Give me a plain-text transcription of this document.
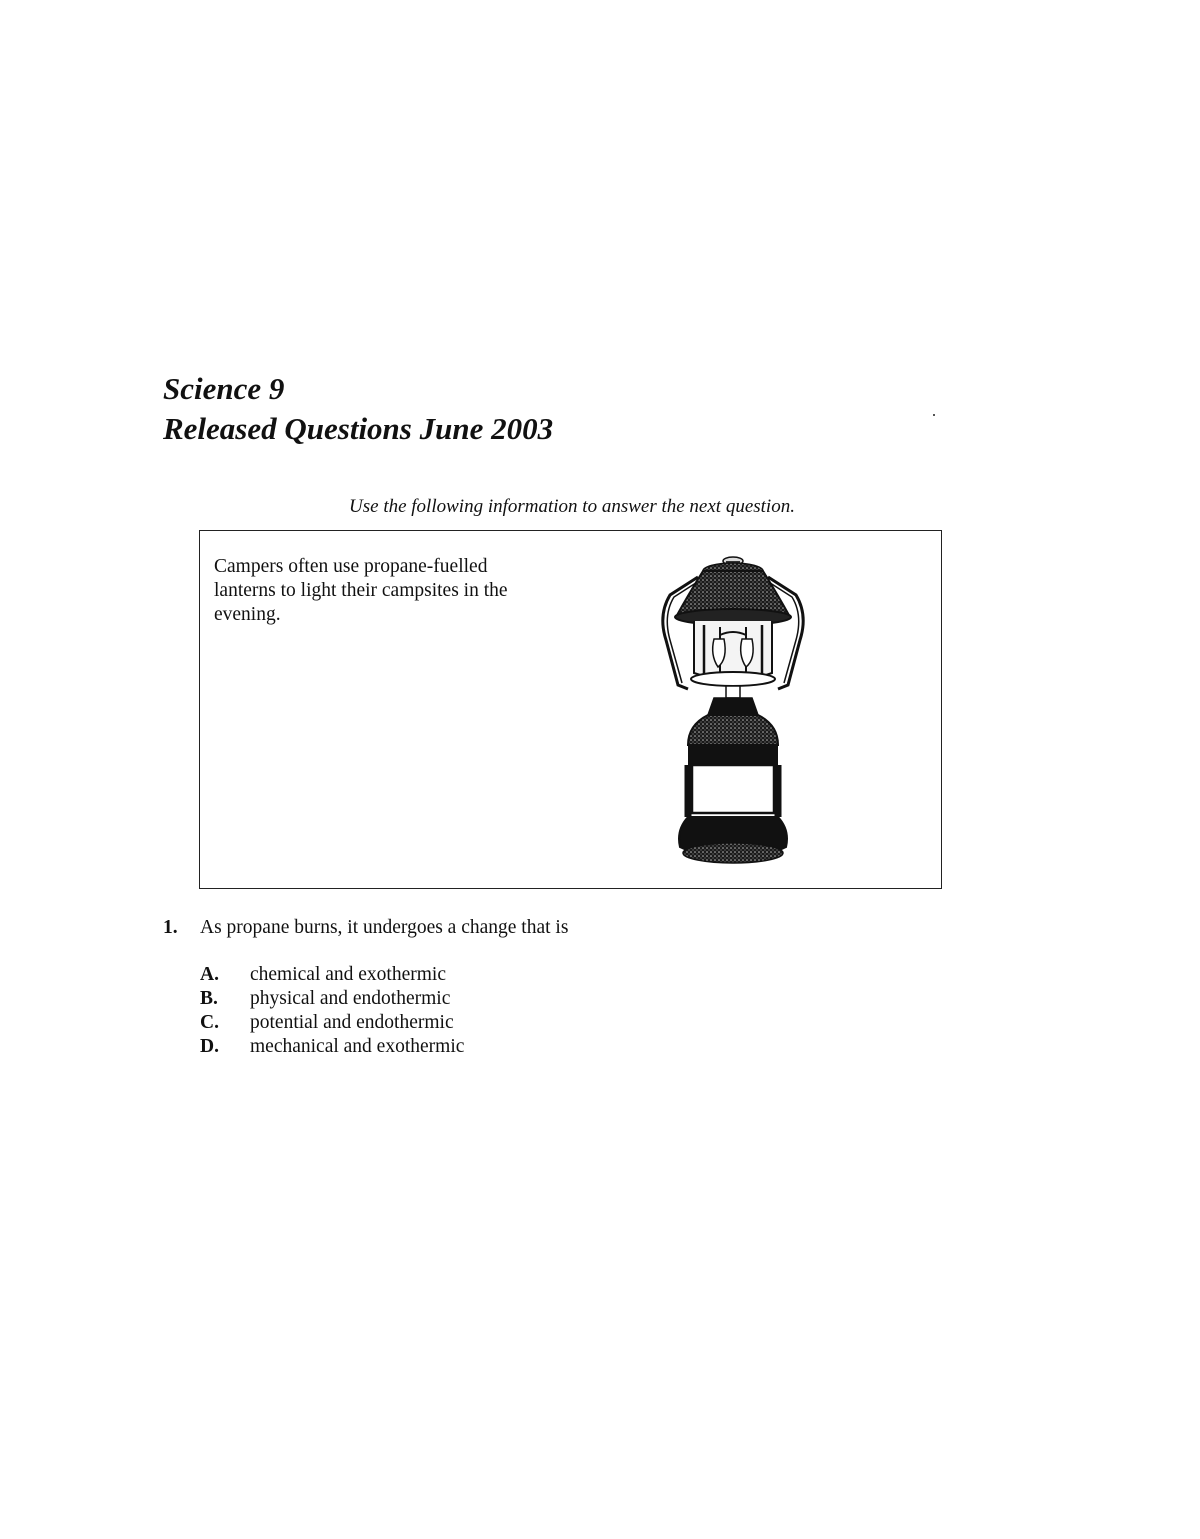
Science 9
Released Questions June 2003
Use the following information to answer the next question.
Campers often use propane-fuelled lanterns to light their campsites in the evening.
1. As propane burns, it undergoes a change that is
A. chemical and exothermic
B. physical and endothermic
C. potential and endothermic
D. mechanical and exothermic
